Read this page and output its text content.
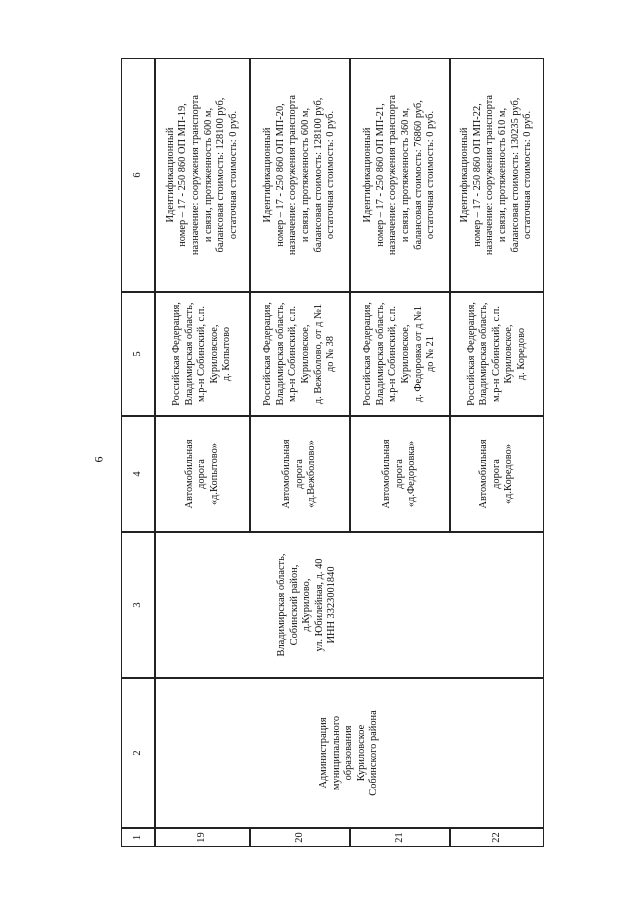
6
1
2
3
4
5
6
Администрация
муниципального
образования
Куриловское
Собинского района
Владимирская область,
Собинский район,
д.Курилово,
ул. Юбилейная, д. 40
ИНН 3323001840
19
Автомобильная
дорога
«д.Копытово»
Российская Федерация,
Владимирская область,
м.р-н Собинский, с.п.
Куриловское,
д. Копытово
Идентификационный
номер – 17 - 250 860 ОП МП-19,
назначение: сооружения транспорта
и связи, протяженность 600 м,
балансовая стоимость: 128100 руб,
остаточная стоимость: 0 руб.
20
Автомобильная
дорога
«д.Вежболово»
Российская Федерация,
Владимирская область,
м.р-н Собинский, с.п.
Куриловское,
д. Вежболово, от д №1
до № 38
Идентификационный
номер – 17 - 250 860 ОП МП-20,
назначение: сооружения транспорта
и связи, протяженность 600 м,
балансовая стоимость: 128100 руб,
остаточная стоимость: 0 руб.
21
Автомобильная
дорога
«д.Федоровка»
Российская Федерация,
Владимирская область,
м.р-н Собинский, с.п.
Куриловское,
д. Федоровка от д №1
до № 21
Идентификационный
номер – 17 - 250 860 ОП МП-21,
назначение: сооружения транспорта
и связи, протяженность 360 м,
балансовая стоимость: 76860 руб,
остаточная стоимость: 0 руб.
22
Автомобильная
дорога
«д.Коредово»
Российская Федерация,
Владимирская область,
м.р-н Собинский, с.п.
Куриловское,
д. Коредово
Идентификационный
номер – 17 - 250 860 ОП МП-22,
назначение: сооружения транспорта
и связи, протяженность 610 м,
балансовая стоимость: 130235 руб,
остаточная стоимость: 0 руб.
